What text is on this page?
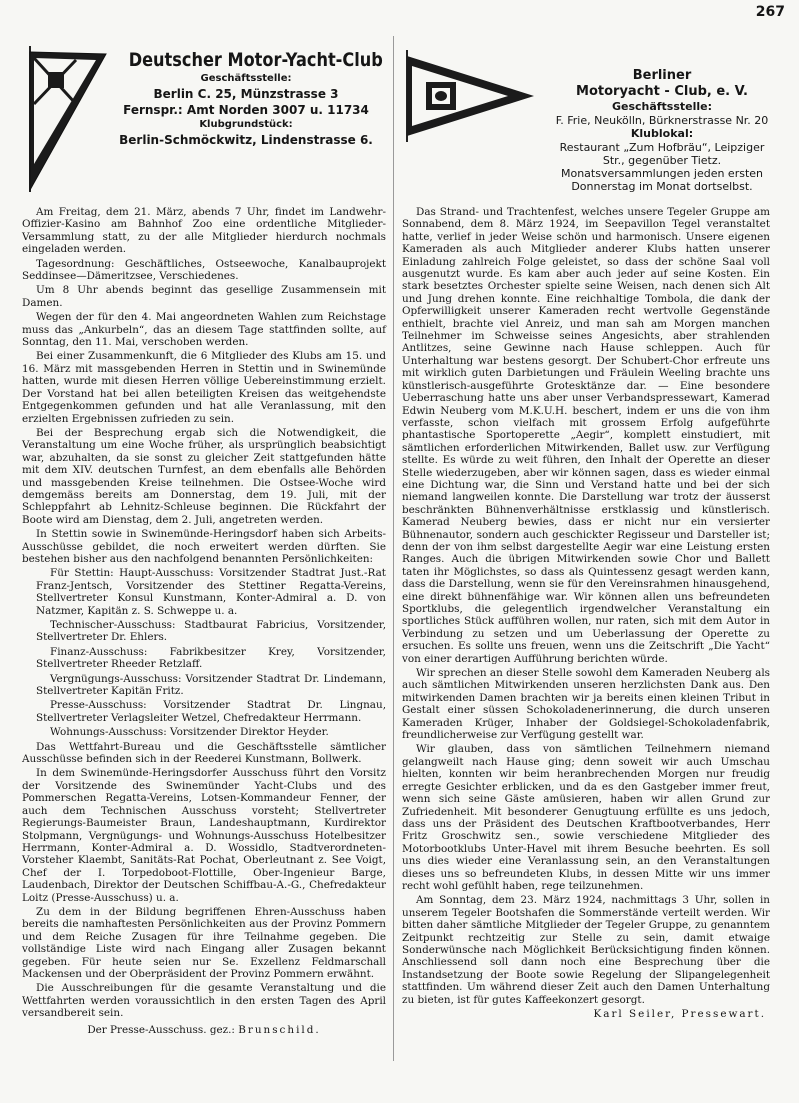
267
Deutscher Motor-Yacht-Club
Geschäftsstelle:
Berlin C. 25, Münzstrasse 3
Fernspr.: Amt Norden 3007 u. 11734
Klubgrundstück:
Berlin-Schmöckwitz, Lindenstrasse 6.

Am Freitag, dem 21. März, abends 7 Uhr, findet im Landwehr-Offizier-Kasino am Bahnhof Zoo eine ordentliche Mitglieder-Versammlung statt, zu der alle Mitglieder hierdurch nochmals eingeladen werden.

Tagesordnung: Geschäftliches, Ostseewoche, Kanalbauprojekt Seddinsee—Dämeritzsee, Verschiedenes.

Um 8 Uhr abends beginnt das gesellige Zusammensein mit Damen.

Wegen der für den 4. Mai angeordneten Wahlen zum Reichstage muss das „Ankurbeln“, das an diesem Tage stattfinden sollte, auf Sonntag, den 11. Mai, verschoben werden.

Bei einer Zusammenkunft, die 6 Mitglieder des Klubs am 15. und 16. März mit massgebenden Herren in Stettin und in Swinemünde hatten, wurde mit diesen Herren völlige Uebereinstimmung erzielt. Der Vorstand hat bei allen beteiligten Kreisen das weitgehendste Entgegenkommen gefunden und hat alle Veranlassung, mit den erzielten Ergebnissen zufrieden zu sein.

Bei der Besprechung ergab sich die Notwendigkeit, die Veranstaltung um eine Woche früher, als ursprünglich beabsichtigt war, abzuhalten, da sie sonst zu gleicher Zeit stattgefunden hätte mit dem XIV. deutschen Turnfest, an dem ebenfalls alle Behörden und massgebenden Kreise teilnehmen. Die Ostsee-Woche wird demgemäss bereits am Donnerstag, dem 19. Juli, mit der Schleppfahrt ab Lehnitz-Schleuse beginnen. Die Rückfahrt der Boote wird am Dienstag, dem 2. Juli, angetreten werden.

In Stettin sowie in Swinemünde-Heringsdorf haben sich Arbeits-Ausschüsse gebildet, die noch erweitert werden dürften. Sie bestehen bisher aus den nachfolgend benannten Persönlichkeiten:

Für Stettin: Haupt-Ausschuss: Vorsitzender Stadtrat Just.-Rat Franz-Jentsch, Vorsitzender des Stettiner Regatta-Vereins, Stellvertreter Konsul Kunstmann, Konter-Admiral a. D. von Natzmer, Kapitän z. S. Schweppe u. a.

Technischer-Ausschuss: Stadtbaurat Fabricius, Vorsitzender, Stellvertreter Dr. Ehlers.

Finanz-Ausschuss: Fabrikbesitzer Krey, Vorsitzender, Stellvertreter Rheeder Retzlaff.

Vergnügungs-Ausschuss: Vorsitzender Stadtrat Dr. Lindemann, Stellvertreter Kapitän Fritz.

Presse-Ausschuss: Vorsitzender Stadtrat Dr. Lingnau, Stellvertreter Verlagsleiter Wetzel, Chefredakteur Herrmann.

Wohnungs-Ausschuss: Vorsitzender Direktor Heyder.

Das Wettfahrt-Bureau und die Geschäftsstelle sämtlicher Ausschüsse befinden sich in der Reederei Kunstmann, Bollwerk.

In dem Swinemünde-Heringsdorfer Ausschuss führt den Vorsitz der Vorsitzende des Swinemünder Yacht-Clubs und des Pommerschen Regatta-Vereins, Lotsen-Kommandeur Fenner, der auch dem Technischen Ausschuss vorsteht; Stellvertreter Regierungs-Baumeister Braun, Landeshauptmann, Kurdirektor Stolpmann, Vergnügungs- und Wohnungs-Ausschuss Hotelbesitzer Herrmann, Konter-Admiral a. D. Wossidlo, Stadtverordneten-Vorsteher Klaembt, Sanitäts-Rat Pochat, Oberleutnant z. See Voigt, Chef der I. Torpedoboot-Flottille, Ober-Ingenieur Barge, Laudenbach, Direktor der Deutschen Schiffbau-A.-G., Chefredakteur Loitz (Presse-Ausschuss) u. a.

Zu dem in der Bildung begriffenen Ehren-Ausschuss haben bereits die namhaftesten Persönlichkeiten aus der Provinz Pommern und dem Reiche Zusagen für ihre Teilnahme gegeben. Die vollständige Liste wird nach Eingang aller Zusagen bekannt gegeben. Für heute seien nur Se. Exzellenz Feldmarschall Mackensen und der Oberpräsident der Provinz Pommern erwähnt.

Die Ausschreibungen für die gesamte Veranstaltung und die Wettfahrten werden voraussichtlich in den ersten Tagen des April versandbereit sein.

Der Presse-Ausschuss. gez.: Brunschild.
Berliner
Motoryacht - Club, e. V.
Geschäftsstelle:
F. Frie, Neukölln, Bürknerstrasse Nr. 20
Klublokal:
Restaurant „Zum Hofbräu“, Leipziger Str., gegenüber Tietz.
Monatsversammlungen jeden ersten Donnerstag im Monat dortselbst.

Das Strand- und Trachtenfest, welches unsere Tegeler Gruppe am Sonnabend, dem 8. März 1924, im Seepavillon Tegel veranstaltet hatte, verlief in jeder Weise schön und harmonisch. Unsere eigenen Kameraden als auch Mitglieder anderer Klubs hatten unserer Einladung zahlreich Folge geleistet, so dass der schöne Saal voll ausgenutzt wurde. Es kam aber auch jeder auf seine Kosten. Ein stark besetztes Orchester spielte seine Weisen, nach denen sich Alt und Jung drehen konnte. Eine reichhaltige Tombola, die dank der Opferwilligkeit unserer Kameraden recht wertvolle Gegenstände enthielt, brachte viel Anreiz, und man sah am Morgen manchen Teilnehmer im Schweisse seines Angesichts, aber strahlenden Antlitzes, seine Gewinne nach Hause schleppen. Auch für Unterhaltung war bestens gesorgt. Der Schubert-Chor erfreute uns mit wirklich guten Darbietungen und Fräulein Weeling brachte uns künstlerisch-ausgeführte Grotesktänze dar. — Eine besondere Ueberraschung hatte uns aber unser Verbandspressewart, Kamerad Edwin Neuberg vom M.K.U.H. beschert, indem er uns die von ihm verfasste, schon vielfach mit grossem Erfolg aufgeführte phantastische Sportoperette „Aegir“, komplett einstudiert, mit sämtlichen erforderlichen Mitwirkenden, Ballet usw. zur Verfügung stellte. Es würde zu weit führen, den Inhalt der Operette an dieser Stelle wiederzugeben, aber wir können sagen, dass es wieder einmal eine Dichtung war, die Sinn und Verstand hatte und bei der sich niemand langweilen konnte. Die Darstellung war trotz der äusserst beschränkten Bühnenverhältnisse erstklassig und künstlerisch. Kamerad Neuberg bewies, dass er nicht nur ein versierter Bühnenautor, sondern auch geschickter Regisseur und Darsteller ist; denn der von ihm selbst dargestellte Aegir war eine Leistung ersten Ranges. Auch die übrigen Mitwirkenden sowie Chor und Ballett taten ihr Möglichstes, so dass als Quintessenz gesagt werden kann, dass die Darstellung, wenn sie für den Vereinsrahmen hinausgehend, eine direkt bühnenfähige war. Wir können allen uns befreundeten Sportklubs, die gelegentlich irgendwelcher Veranstaltung ein sportliches Stück aufführen wollen, nur raten, sich mit dem Autor in Verbindung zu setzen und um Ueberlassung der Operette zu ersuchen. Es sollte uns freuen, wenn uns die Zeitschrift „Die Yacht“ von einer derartigen Aufführung berichten würde.

Wir sprechen an dieser Stelle sowohl dem Kameraden Neuberg als auch sämtlichen Mitwirkenden unseren herzlichsten Dank aus. Den mitwirkenden Damen brachten wir ja bereits einen kleinen Tribut in Gestalt einer süssen Schokoladenerinnerung, die durch unseren Kameraden Krüger, Inhaber der Goldsiegel-Schokoladenfabrik, freundlicherweise zur Verfügung gestellt war.

Wir glauben, dass von sämtlichen Teilnehmern niemand gelangweilt nach Hause ging; denn soweit wir auch Umschau hielten, konnten wir beim heranbrechenden Morgen nur freudig erregte Gesichter erblicken, und da es den Gastgeber immer freut, wenn sich seine Gäste amüsieren, haben wir allen Grund zur Zufriedenheit. Mit besonderer Genugtuung erfüllte es uns jedoch, dass uns der Präsident des Deutschen Kraftbootverbandes, Herr Fritz Groschwitz sen., sowie verschiedene Mitglieder des Motorbootklubs Unter-Havel mit ihrem Besuche beehrten. Es soll uns dies wieder eine Veranlassung sein, an den Veranstaltungen dieses uns so befreundeten Klubs, in dessen Mitte wir uns immer recht wohl gefühlt haben, rege teilzunehmen.

Am Sonntag, dem 23. März 1924, nachmittags 3 Uhr, sollen in unserem Tegeler Bootshafen die Sommerstände verteilt werden. Wir bitten daher sämtliche Mitglieder der Tegeler Gruppe, zu genanntem Zeitpunkt rechtzeitig zur Stelle zu sein, damit etwaige Sonderwünsche nach Möglichkeit Berücksichtigung finden können. Anschliessend soll dann noch eine Besprechung über die Instandsetzung der Boote sowie Regelung der Slipangelegenheit stattfinden. Um während dieser Zeit auch den Damen Unterhaltung zu bieten, ist für gutes Kaffeekonzert gesorgt.

Karl Seiler, Pressewart.
